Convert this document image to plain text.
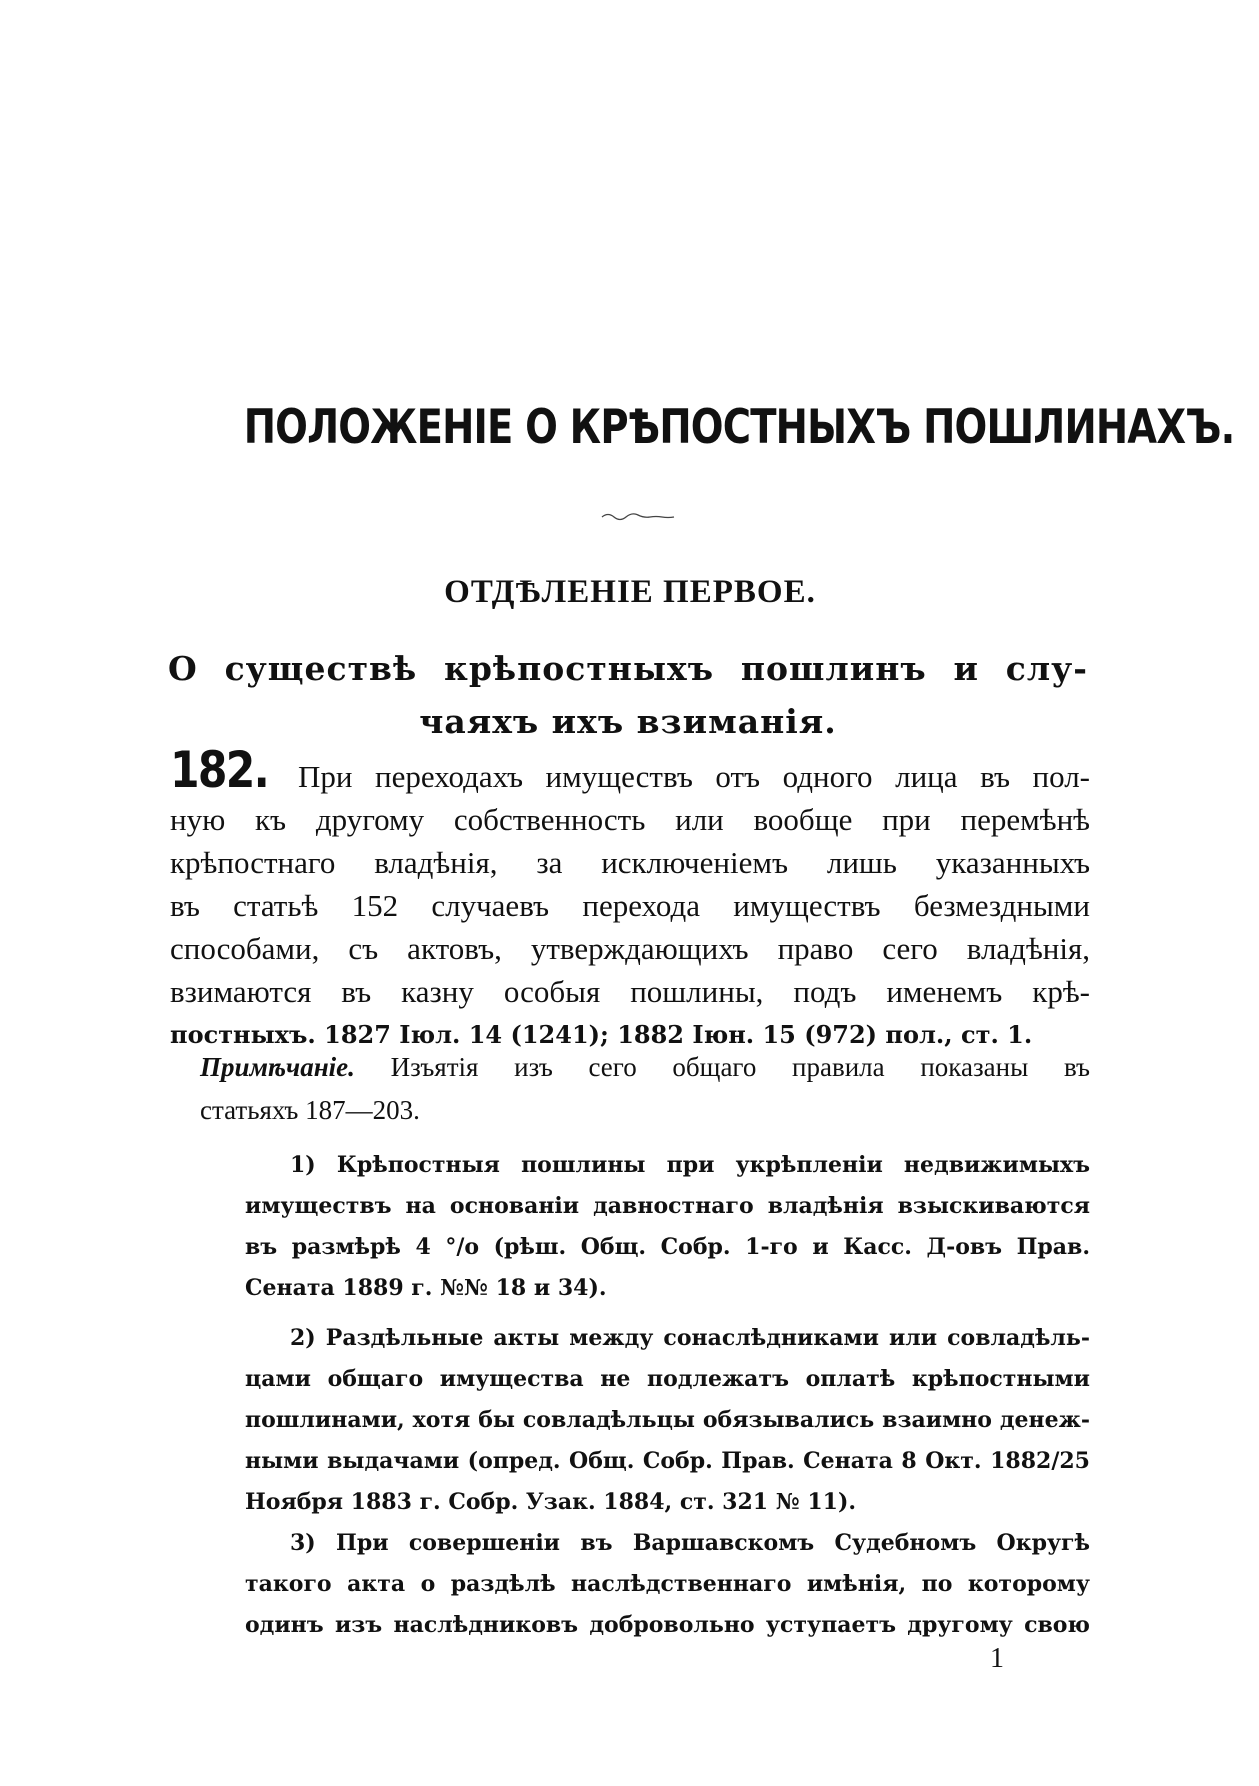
ПОЛОЖЕНІЕ О КРѢПОСТНЫХЪ ПОШЛИНАХЪ.
ОТДѢЛЕНІЕ ПЕРВОЕ.
О существѣ крѣпостныхъ пошлинъ и слу-
чаяхъ ихъ взиманія.
182. При переходахъ имуществъ отъ одного лица въ пол-
ную къ другому собственность или вообще при перемѣнѣ
крѣпостнаго владѣнія, за исключеніемъ лишь указанныхъ
въ статьѣ 152 случаевъ перехода имуществъ безмездными
способами, съ актовъ, утверждающихъ право сего владѣнія,
взимаются въ казну особыя пошлины, подъ именемъ крѣ-
постныхъ. 1827 Іюл. 14 (1241); 1882 Іюн. 15 (972) пол., ст. 1.
Примѣчаніе. Изъятія изъ сего общаго правила показаны въ
статьяхъ 187—203.
1) Крѣпостныя пошлины при укрѣпленіи недвижимыхъ
имуществъ на основаніи давностнаго владѣнія взыскиваются
въ размѣрѣ 4 °/о (рѣш. Общ. Собр. 1-го и Касс. Д-овъ Прав.
Сената 1889 г. №№ 18 и 34).
2) Раздѣльные акты между сонаслѣдниками или совладѣль-
цами общаго имущества не подлежатъ оплатѣ крѣпостными
пошлинами, хотя бы совладѣльцы обязывались взаимно денеж-
ными выдачами (опред. Общ. Собр. Прав. Сената 8 Окт. 1882/25
Ноября 1883 г. Собр. Узак. 1884, ст. 321 № 11).
3) При совершеніи въ Варшавскомъ Судебномъ Округѣ
такого акта о раздѣлѣ наслѣдственнаго имѣнія, по которому
одинъ изъ наслѣдниковъ добровольно уступаетъ другому свою
1
